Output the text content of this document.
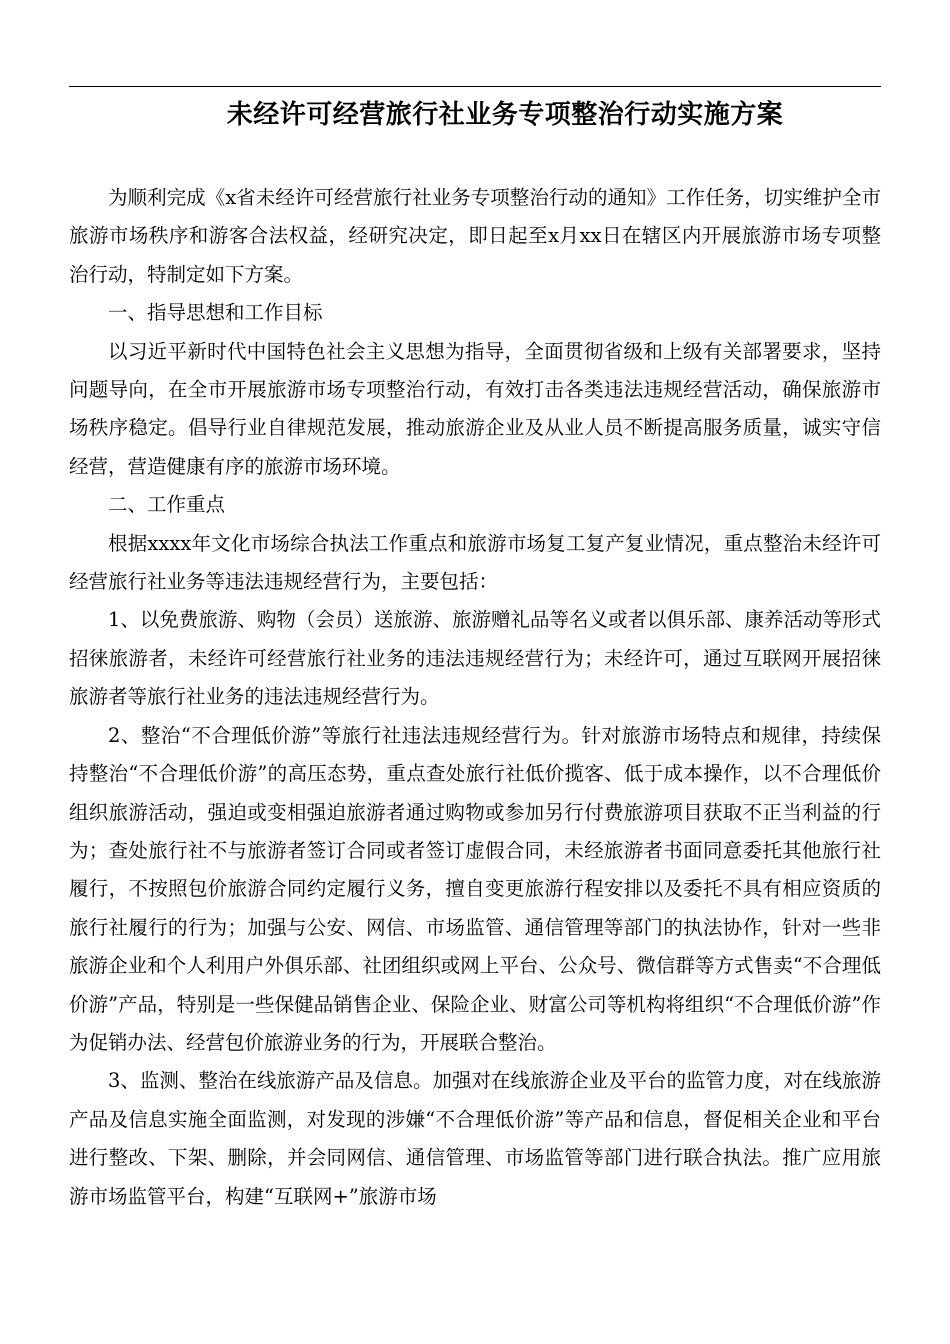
未经许可经营旅行社业务专项整治行动实施方案

为顺利完成《x省未经许可经营旅行社业务专项整治行动的通知》工作任务，切实维护全市旅游市场秩序和游客合法权益，经研究决定，即日起至x月xx日在辖区内开展旅游市场专项整治行动，特制定如下方案。

一、指导思想和工作目标

以习近平新时代中国特色社会主义思想为指导，全面贯彻省级和上级有关部署要求，坚持问题导向，在全市开展旅游市场专项整治行动，有效打击各类违法违规经营活动，确保旅游市场秩序稳定。倡导行业自律规范发展，推动旅游企业及从业人员不断提高服务质量，诚实守信经营，营造健康有序的旅游市场环境。

二、工作重点

根据xxxx年文化市场综合执法工作重点和旅游市场复工复产复业情况，重点整治未经许可经营旅行社业务等违法违规经营行为，主要包括：

1、以免费旅游、购物（会员）送旅游、旅游赠礼品等名义或者以俱乐部、康养活动等形式招徕旅游者，未经许可经营旅行社业务的违法违规经营行为；未经许可，通过互联网开展招徕旅游者等旅行社业务的违法违规经营行为。

2、整治“不合理低价游”等旅行社违法违规经营行为。针对旅游市场特点和规律，持续保持整治“不合理低价游”的高压态势，重点查处旅行社低价揽客、低于成本操作，以不合理低价组织旅游活动，强迫或变相强迫旅游者通过购物或参加另行付费旅游项目获取不正当利益的行为；查处旅行社不与旅游者签订合同或者签订虚假合同，未经旅游者书面同意委托其他旅行社履行，不按照包价旅游合同约定履行义务，擅自变更旅游行程安排以及委托不具有相应资质的旅行社履行的行为；加强与公安、网信、市场监管、通信管理等部门的执法协作，针对一些非旅游企业和个人利用户外俱乐部、社团组织或网上平台、公众号、微信群等方式售卖“不合理低价游”产品，特别是一些保健品销售企业、保险企业、财富公司等机构将组织“不合理低价游”作为促销办法、经营包价旅游业务的行为，开展联合整治。

3、监测、整治在线旅游产品及信息。加强对在线旅游企业及平台的监管力度，对在线旅游产品及信息实施全面监测，对发现的涉嫌“不合理低价游”等产品和信息，督促相关企业和平台进行整改、下架、删除，并会同网信、通信管理、市场监管等部门进行联合执法。推广应用旅游市场监管平台，构建“互联网+”旅游市场
